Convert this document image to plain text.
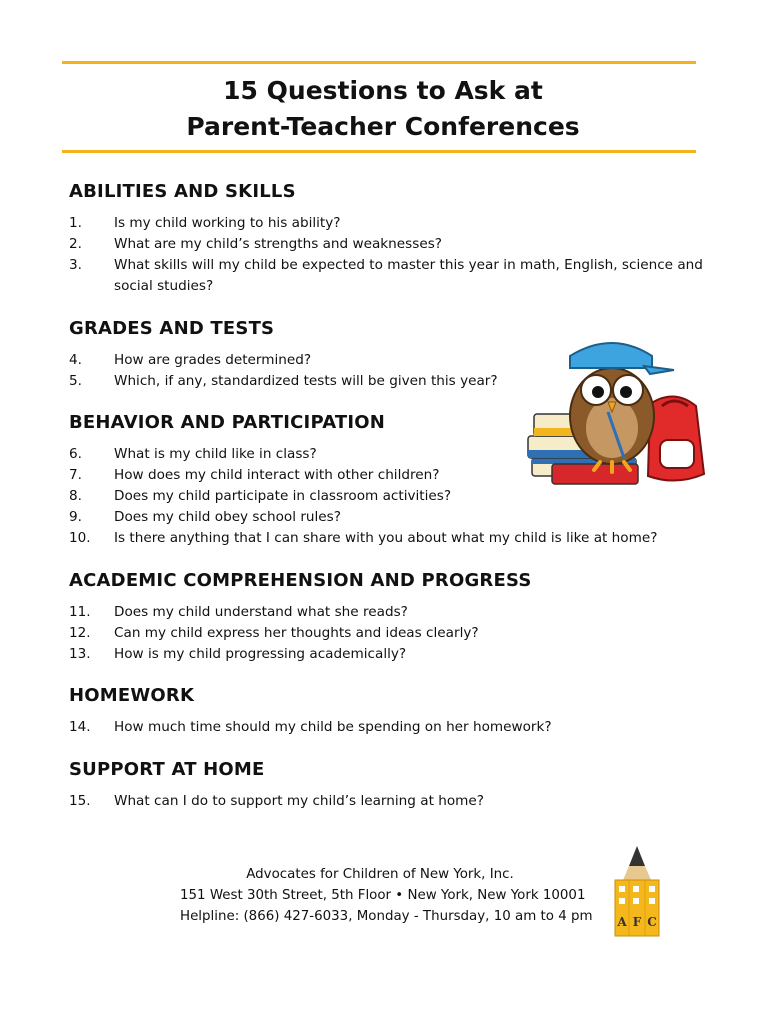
15 Questions to Ask at
Parent-Teacher Conferences
ABILITIES AND SKILLS
1.	Is my child working to his ability?
2.	What are my child’s strengths and weaknesses?
3.	What skills will my child be expected to master this year in math, English, science and social studies?
GRADES AND TESTS
4.	How are grades determined?
5.	Which, if any, standardized tests will be given this year?
BEHAVIOR AND PARTICIPATION
6.	What is my child like in class?
7.	How does my child interact with other children?
8.	Does my child participate in classroom activities?
9.	Does my child obey school rules?
10.	Is there anything that I can share with you about what my child is like at home?
ACADEMIC COMPREHENSION AND PROGRESS
11.	Does my child understand what she reads?
12.	Can my child express her thoughts and ideas clearly?
13.	How is my child progressing academically?
HOMEWORK
14.	How much time should my child be spending on her homework?
SUPPORT AT HOME
15.	What can I do to support my child’s learning at home?
Advocates for Children of New York, Inc.
151 West 30th Street, 5th Floor • New York, New York 10001
Helpline: (866) 427-6033, Monday - Thursday, 10 am to 4 pm A F C
